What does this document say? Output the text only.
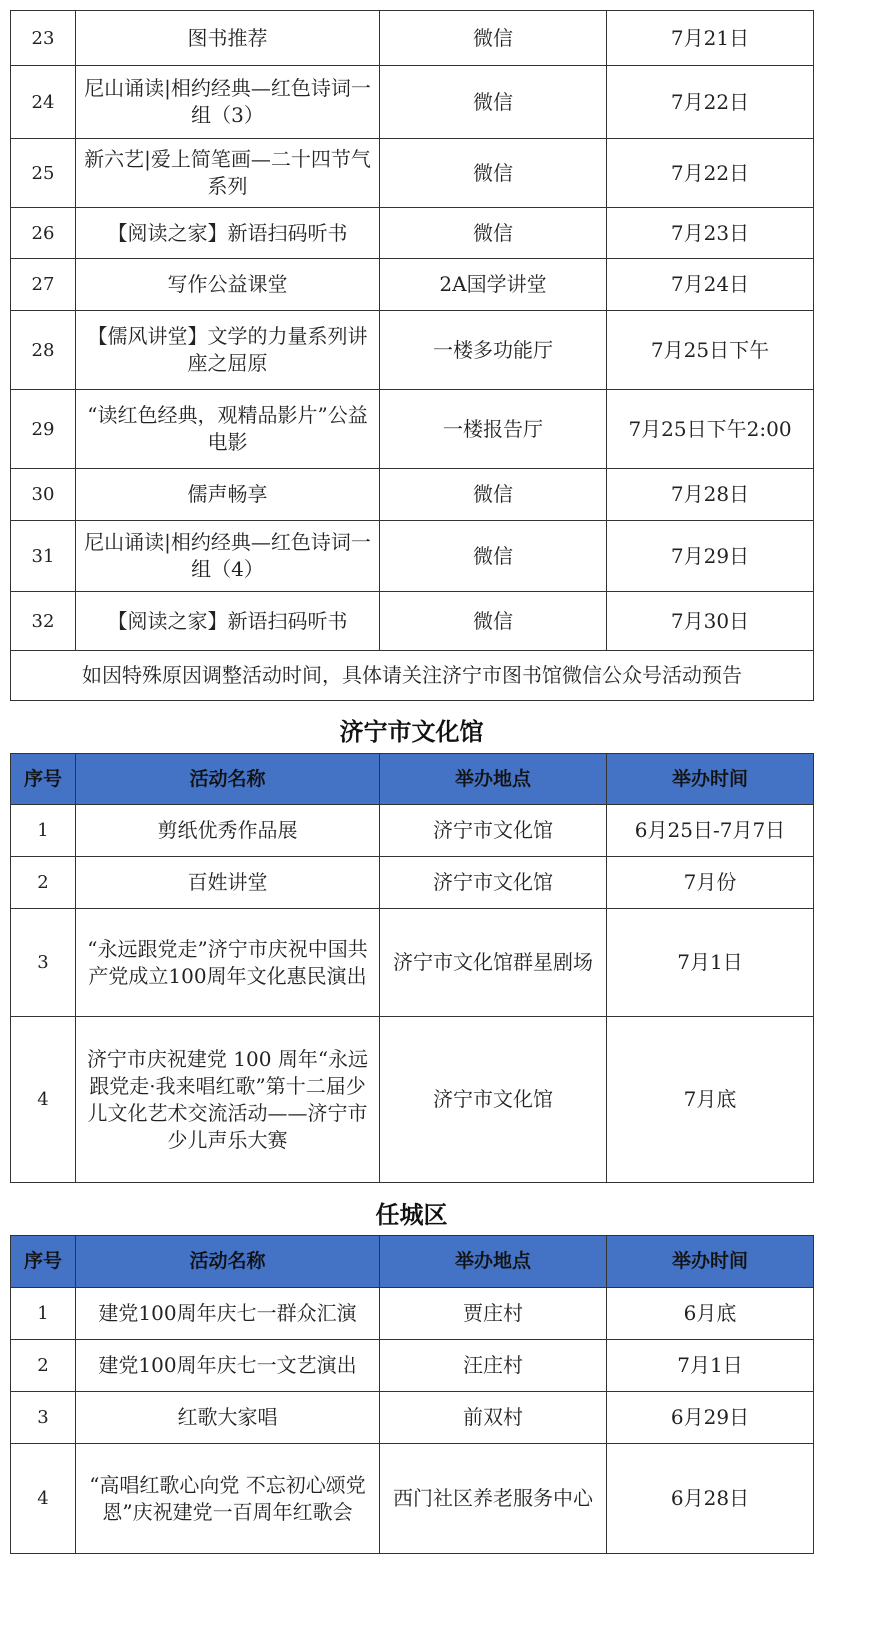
23	图书推荐	微信	7月21日
24	尼山诵读|相约经典—红色诗词一组（3）	微信	7月22日
25	新六艺|爱上简笔画—二十四节气系列	微信	7月22日
26	【阅读之家】新语扫码听书	微信	7月23日
27	写作公益课堂	2A国学讲堂	7月24日
28	【儒风讲堂】文学的力量系列讲座之屈原	一楼多功能厅	7月25日下午
29	“读红色经典，观精品影片”公益电影	一楼报告厅	7月25日下午2:00
30	儒声畅享	微信	7月28日
31	尼山诵读|相约经典—红色诗词一组（4）	微信	7月29日
32	【阅读之家】新语扫码听书	微信	7月30日
如因特殊原因调整活动时间，具体请关注济宁市图书馆微信公众号活动预告			
济宁市文化馆
序号	活动名称	举办地点	举办时间
1	剪纸优秀作品展	济宁市文化馆	6月25日-7月7日
2	百姓讲堂	济宁市文化馆	7月份
3	“永远跟党走”济宁市庆祝中国共产党成立100周年文化惠民演出	济宁市文化馆群星剧场	7月1日
4	济宁市庆祝建党 100 周年“永远跟党走·我来唱红歌”第十二届少儿文化艺术交流活动——济宁市少儿声乐大赛	济宁市文化馆	7月底
任城区
序号	活动名称	举办地点	举办时间
1	建党100周年庆七一群众汇演	贾庄村	6月底
2	建党100周年庆七一文艺演出	汪庄村	7月1日
3	红歌大家唱	前双村	6月29日
4	“高唱红歌心向党 不忘初心颂党恩”庆祝建党一百周年红歌会	西门社区养老服务中心	6月28日
